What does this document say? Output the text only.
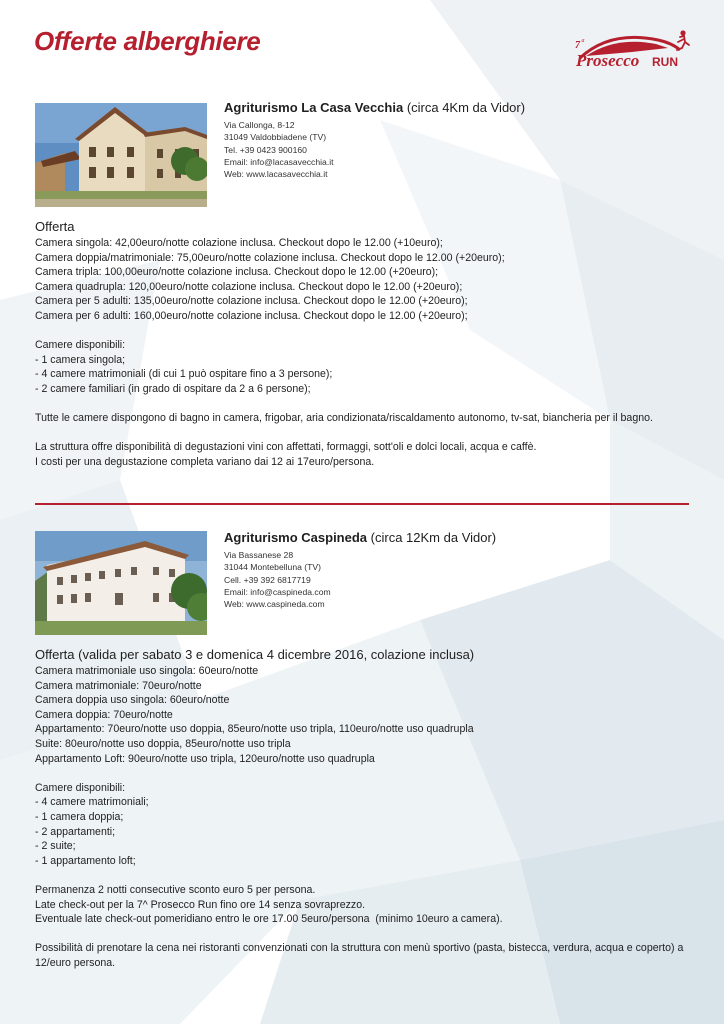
Offerte alberghiere	7 a
Prosecco RUN

Agriturismo La Casa Vecchia (circa 4Km da Vidor)

Via Callonga, 8-12
31049 Valdobbiadene (TV)
Tel. +39 0423 900160
Email: info@lacasavecchia.it
Web: www.lacasavecchia.it

Offerta

Camera singola: 42,00euro/notte colazione inclusa. Checkout dopo le 12.00 (+10euro);
Camera doppia/matrimoniale: 75,00euro/notte colazione inclusa. Checkout dopo le 12.00 (+20euro);
Camera tripla: 100,00euro/notte colazione inclusa. Checkout dopo le 12.00 (+20euro);
Camera quadrupla: 120,00euro/notte colazione inclusa. Checkout dopo le 12.00 (+20euro);
Camera per 5 adulti: 135,00euro/notte colazione inclusa. Checkout dopo le 12.00 (+20euro);
Camera per 6 adulti: 160,00euro/notte colazione inclusa. Checkout dopo le 12.00 (+20euro);
Camere disponibili:
- 1 camera singola;
- 4 camere matrimoniali (di cui 1 può ospitare fino a 3 persone);
- 2 camere familiari (in grado di ospitare da 2 a 6 persone);
Tutte le camere dispongono di bagno in camera, frigobar, aria condizionata/riscaldamento autonomo, tv-sat, biancheria per il bagno.
La struttura offre disponibilità di degustazioni vini con affettati, formaggi, sott'oli e dolci locali, acqua e caffè.
I costi per una degustazione completa variano dai 12 ai 17euro/persona.

Agriturismo Caspineda (circa 12Km da Vidor)

Via Bassanese 28
31044 Montebelluna (TV)
Cell. +39 392 6817719
Email: info@caspineda.com
Web: www.caspineda.com

Offerta (valida per sabato 3 e domenica 4 dicembre 2016, colazione inclusa)

Camera matrimoniale uso singola: 60euro/notte
Camera matrimoniale: 70euro/notte
Camera doppia uso singola: 60euro/notte
Camera doppia: 70euro/notte
Appartamento: 70euro/notte uso doppia, 85euro/notte uso tripla, 110euro/notte uso quadrupla
Suite: 80euro/notte uso doppia, 85euro/notte uso tripla
Appartamento Loft: 90euro/notte uso tripla, 120euro/notte uso quadrupla
Camere disponibili:
- 4 camere matrimoniali;
- 1 camera doppia;
- 2 appartamenti;
- 2 suite;
- 1 appartamento loft;
Permanenza 2 notti consecutive sconto euro 5 per persona.
Late check-out per la 7^ Prosecco Run fino ore 14 senza sovraprezzo.
Eventuale late check-out pomeridiano entro le ore 17.00 5euro/persona  (minimo 10euro a camera).
Possibilità di prenotare la cena nei ristoranti convenzionati con la struttura con menù sportivo (pasta, bistecca, verdura, acqua e coperto) a 12/euro persona.
